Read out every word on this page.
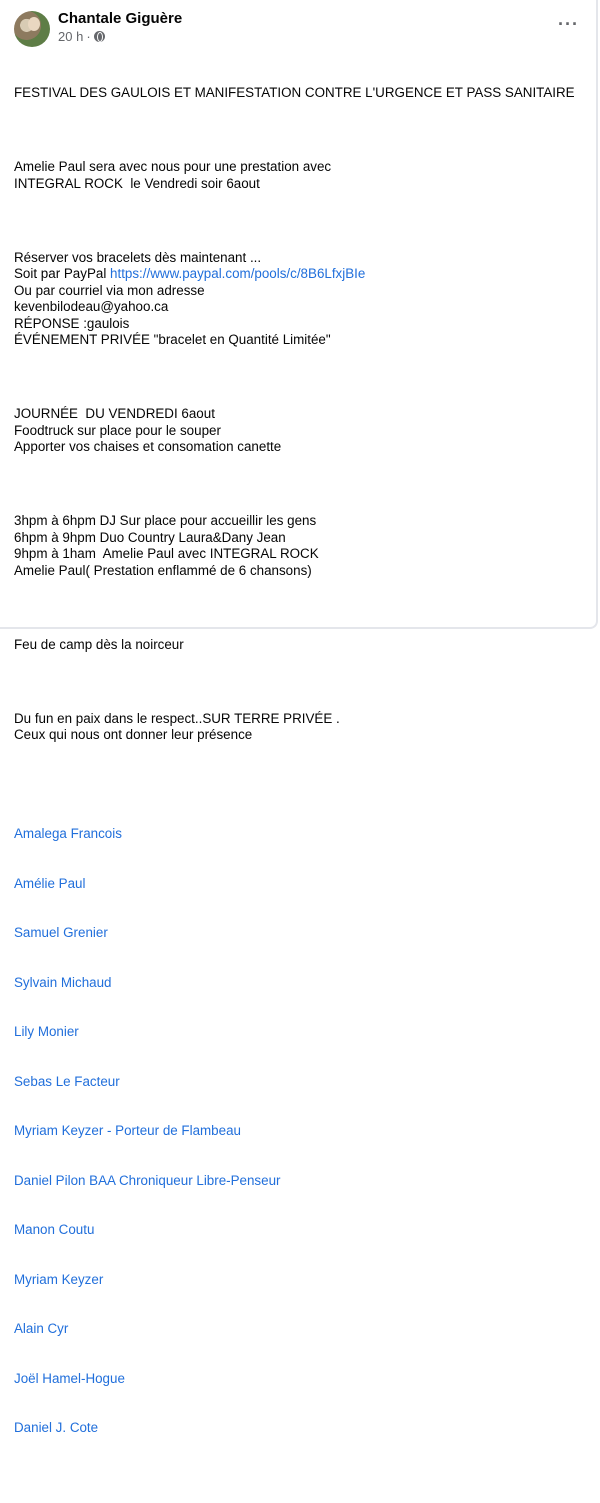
Chantale Giguère
20 h ·
···

FESTIVAL DES GAULOIS ET MANIFESTATION CONTRE L'URGENCE ET PASS SANITAIRE

Amelie Paul sera avec nous pour une prestation avec
INTEGRAL ROCK  le Vendredi soir 6aout

Réserver vos bracelets dès maintenant ...
Soit par PayPal https://www.paypal.com/pools/c/8B6LfxjBIe
Ou par courriel via mon adresse
kevenbilodeau@yahoo.ca
RÉPONSE :gaulois
ÉVÉNEMENT PRIVÉE "bracelet en Quantité Limitée"

JOURNÉE  DU VENDREDI 6aout
Foodtruck sur place pour le souper
Apporter vos chaises et consomation canette

3hpm à 6hpm DJ Sur place pour accueillir les gens
6hpm à 9hpm Duo Country Laura&Dany Jean
9hpm à 1ham  Amelie Paul avec INTEGRAL ROCK
Amelie Paul( Prestation enflammé de 6 chansons)

Feu de camp dès la noirceur

Du fun en paix dans le respect..SUR TERRE PRIVÉE .
Ceux qui nous ont donner leur présence

Amalega Francois

Amélie Paul

Samuel Grenier

Sylvain Michaud

Lily Monier

Sebas Le Facteur

Myriam Keyzer - Porteur de Flambeau

Daniel Pilon BAA Chroniqueur Libre-Penseur

Manon Coutu

Myriam Keyzer

Alain Cyr

Joël Hamel-Hogue

Daniel J. Cote
